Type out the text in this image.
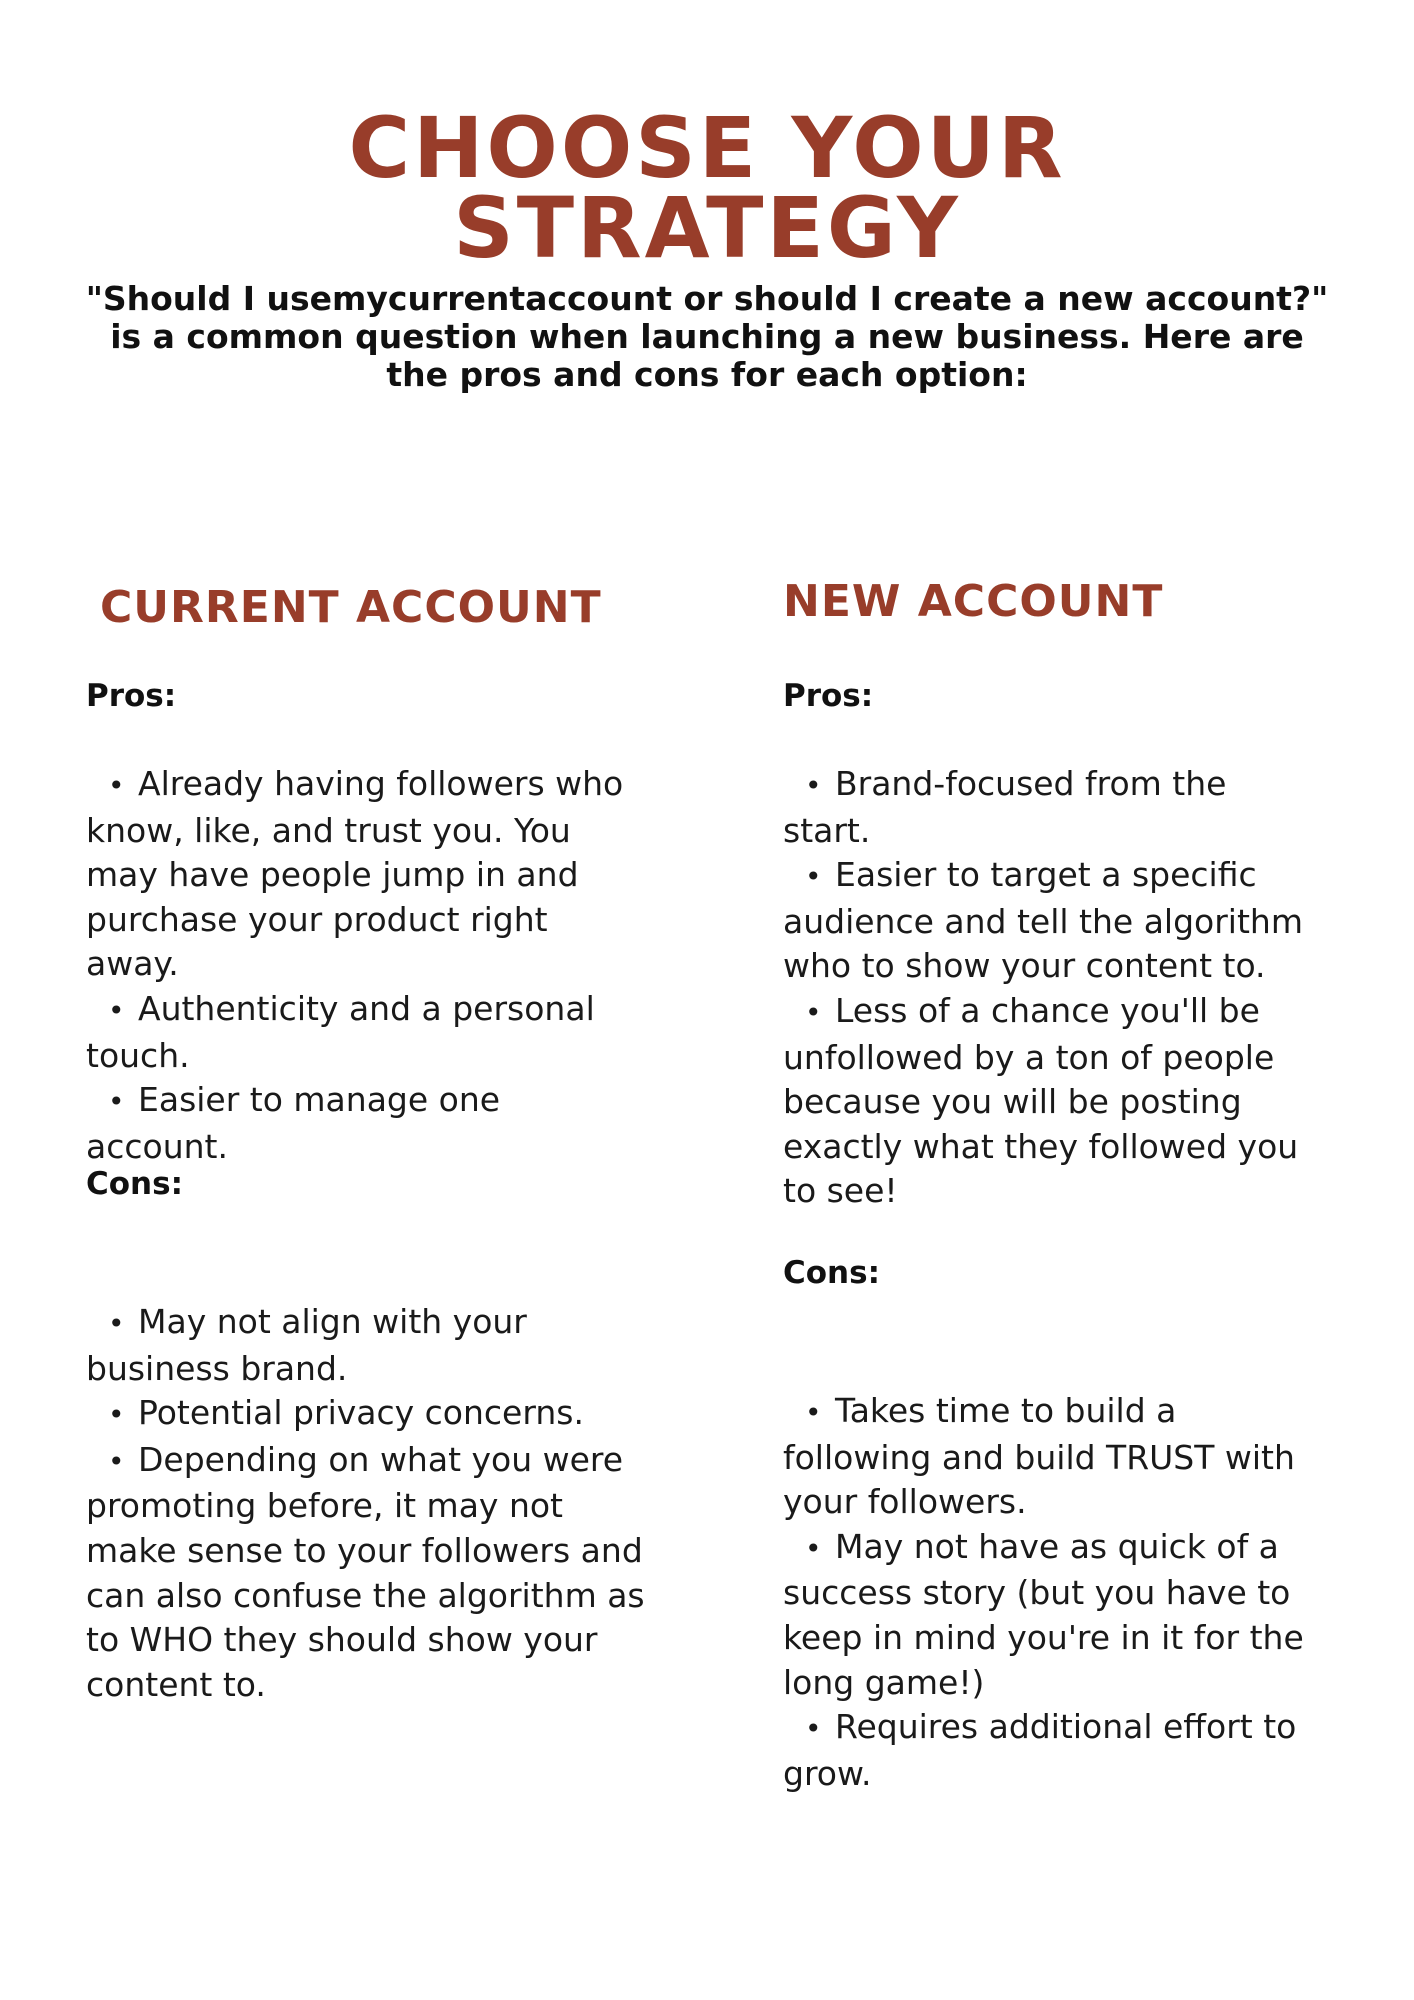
CHOOSE YOUR
STRATEGY
"Should I usemycurrentaccount or should I create a new account?" is a common question when launching a new business. Here are the pros and cons for each option:
CURRENT ACCOUNT
Pros:
• Already having followers who know, like, and trust you. You may have people jump in and purchase your product right away.
• Authenticity and a personal touch.
• Easier to manage one account.
Cons:
• May not align with your business brand.
• Potential privacy concerns.
• Depending on what you were promoting before, it may not make sense to your followers and can also confuse the algorithm as to WHO they should show your content to.
NEW ACCOUNT
Pros:
• Brand-focused from the start.
• Easier to target a specific audience and tell the algorithm who to show your content to.
• Less of a chance you'll be unfollowed by a ton of people because you will be posting exactly what they followed you to see!
Cons:
• Takes time to build a following and build TRUST with your followers.
• May not have as quick of a success story (but you have to keep in mind you're in it for the long game!)
• Requires additional effort to grow.
